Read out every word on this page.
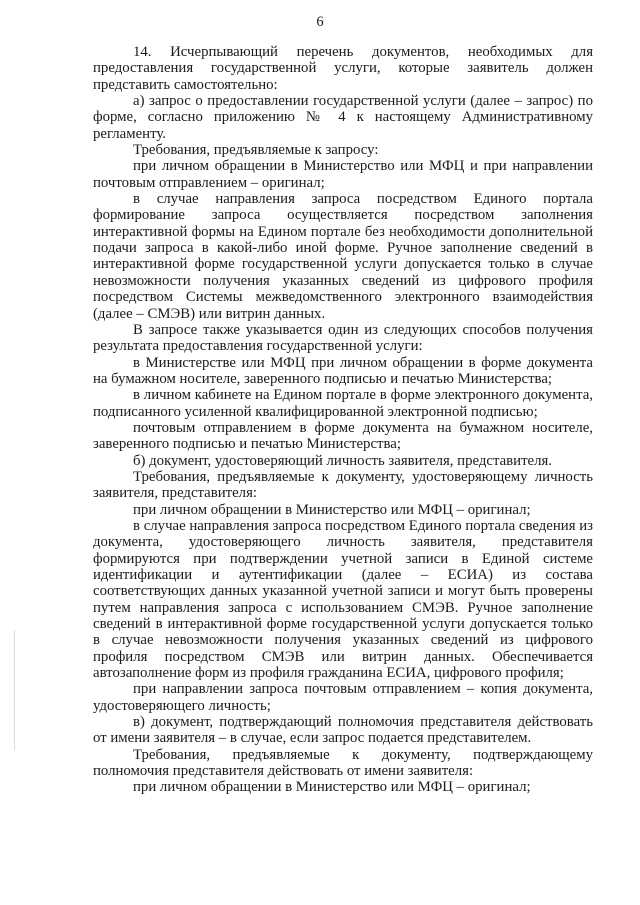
6

14. Исчерпывающий перечень документов, необходимых для предоставления государственной услуги, которые заявитель должен представить самостоятельно:

а) запрос о предоставлении государственной услуги (далее – запрос) по форме, согласно приложению № 4 к настоящему Административному регламенту.

Требования, предъявляемые к запросу:

при личном обращении в Министерство или МФЦ и при направлении почтовым отправлением – оригинал;

в случае направления запроса посредством Единого портала формирование запроса осуществляется посредством заполнения интерактивной формы на Едином портале без необходимости дополнительной подачи запроса в какой-либо иной форме. Ручное заполнение сведений в интерактивной форме государственной услуги допускается только в случае невозможности получения указанных сведений из цифрового профиля посредством Системы межведомственного электронного взаимодействия (далее – СМЭВ) или витрин данных.

В запросе также указывается один из следующих способов получения результата предоставления государственной услуги:

в Министерстве или МФЦ при личном обращении в форме документа на бумажном носителе, заверенного подписью и печатью Министерства;

в личном кабинете на Едином портале в форме электронного документа, подписанного усиленной квалифицированной электронной подписью;

почтовым отправлением в форме документа на бумажном носителе, заверенного подписью и печатью Министерства;

б) документ, удостоверяющий личность заявителя, представителя.

Требования, предъявляемые к документу, удостоверяющему личность заявителя, представителя:

при личном обращении в Министерство или МФЦ – оригинал;

в случае направления запроса посредством Единого портала сведения из документа, удостоверяющего личность заявителя, представителя формируются при подтверждении учетной записи в Единой системе идентификации и аутентификации (далее – ЕСИА) из состава соответствующих данных указанной учетной записи и могут быть проверены путем направления запроса с использованием СМЭВ. Ручное заполнение сведений в интерактивной форме государственной услуги допускается только в случае невозможности получения указанных сведений из цифрового профиля посредством СМЭВ или витрин данных. Обеспечивается автозаполнение форм из профиля гражданина ЕСИА, цифрового профиля;

при направлении запроса почтовым отправлением – копия документа, удостоверяющего личность;

в) документ, подтверждающий полномочия представителя действовать от имени заявителя – в случае, если запрос подается представителем.

Требования, предъявляемые к документу, подтверждающему полномочия представителя действовать от имени заявителя:

при личном обращении в Министерство или МФЦ – оригинал;
